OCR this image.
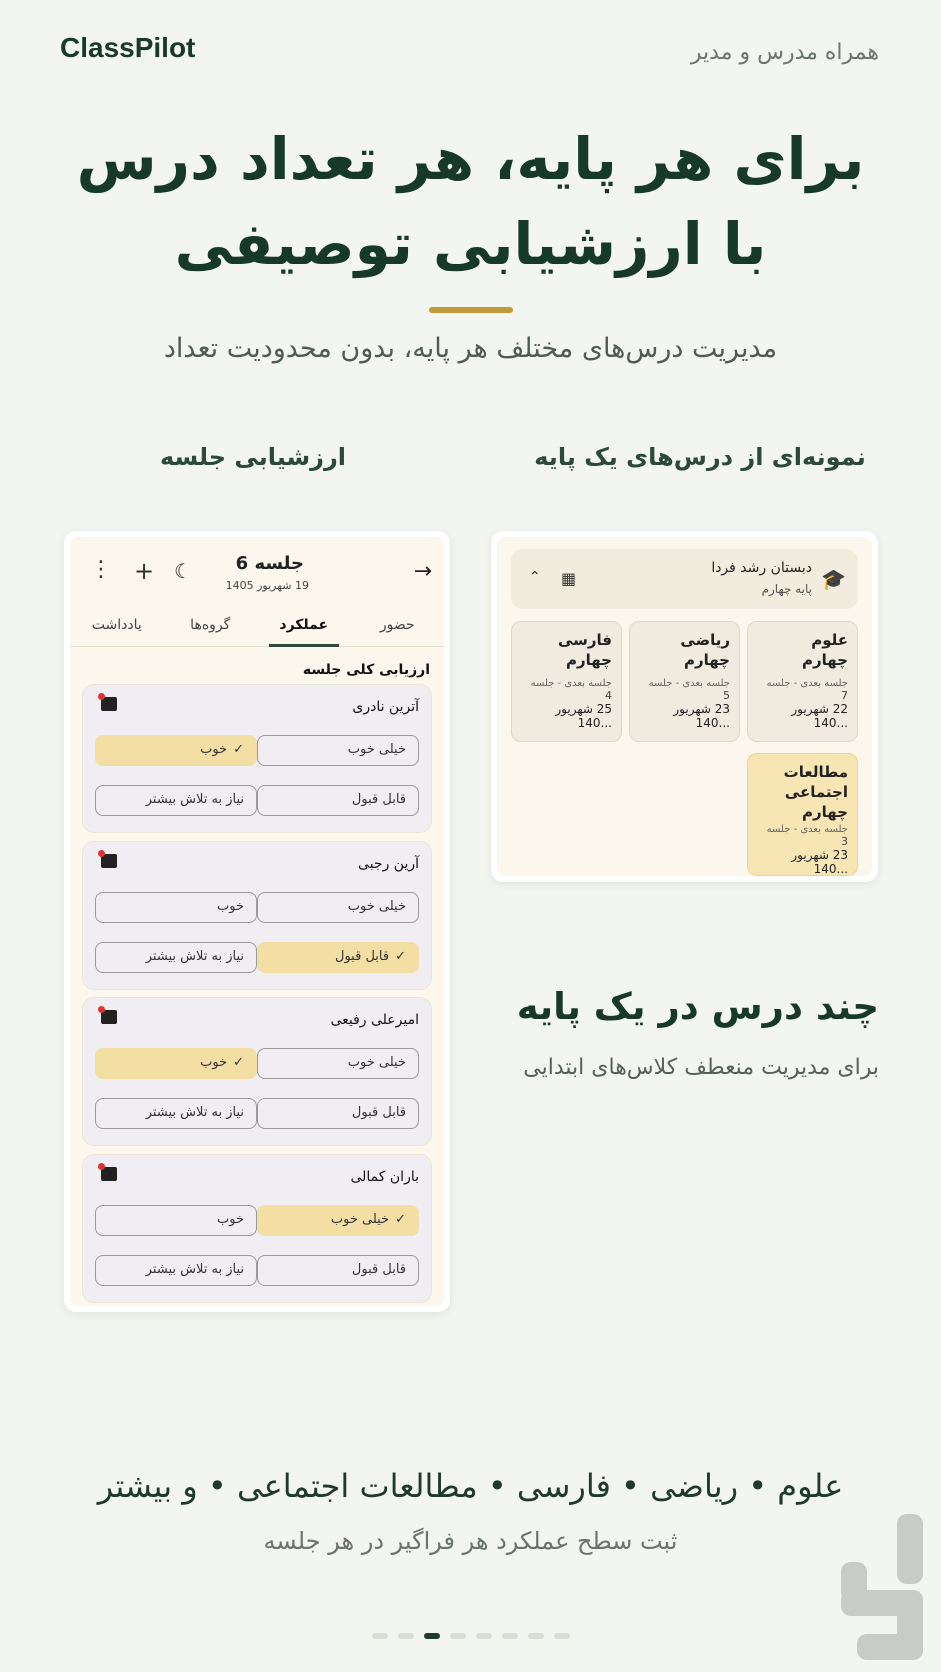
ClassPilot	همراه مدرس و مدیر
برای هر پایه، هر تعداد درس
با ارزشیابی توصیفی
مدیریت درس‌های مختلف هر پایه، بدون محدودیت تعداد
نمونه‌ای از درس‌های یک پایه
ارزشیابی جلسه
→
جلسه 6
19 شهریور 1405
☾
+
⋮
حضور
عملکرد
گروه‌ها
یادداشت
ارزیابی کلی جلسه
آترین نادری
خیلی خوب
✓خوب
قابل قبول
نیاز به تلاش بیشتر
آرین رجبی
خیلی خوب
خوب
✓قابل قبول
نیاز به تلاش بیشتر
امیرعلی رفیعی
خیلی خوب
✓خوب
قابل قبول
نیاز به تلاش بیشتر
باران کمالی
✓خیلی خوب
خوب
قابل قبول
نیاز به تلاش بیشتر
🎓
دبستان رشد فردا
پایه چهارم
▦
⌃
علوم
چهارم
جلسه بعدی - جلسه
7
22 شهریور ...140
ریاضی
چهارم
جلسه بعدی - جلسه
5
23 شهریور ...140
فارسی
چهارم
جلسه بعدی - جلسه
4
25 شهریور ...140
مطالعات
اجتماعی
چهارم
جلسه بعدی - جلسه
3
23 شهریور ...140
چند درس در یک پایه
برای مدیریت منعطف کلاس‌های ابتدایی
علوم • ریاضی • فارسی • مطالعات اجتماعی • و بیشتر
ثبت سطح عملکرد هر فراگیر در هر جلسه
